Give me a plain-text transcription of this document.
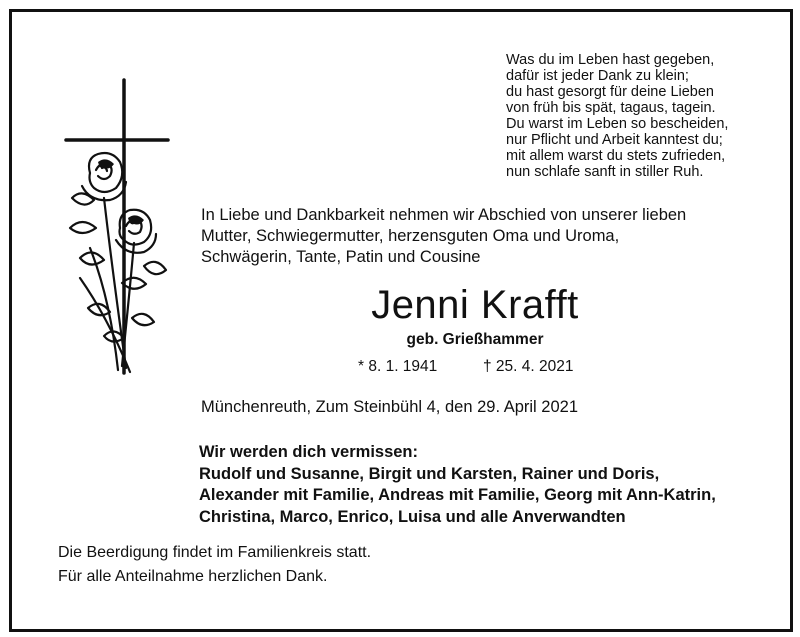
Was du im Leben hast gegeben,
dafür ist jeder Dank zu klein;
du hast gesorgt für deine Lieben
von früh bis spät, tagaus, tagein.
Du warst im Leben so bescheiden,
nur Pflicht und Arbeit kanntest du;
mit allem warst du stets zufrieden,
nun schlafe sanft in stiller Ruh.
In Liebe und Dankbarkeit nehmen wir Abschied von unserer lieben
Mutter, Schwiegermutter, herzensguten Oma und Uroma,
Schwägerin, Tante, Patin und Cousine
Jenni Krafft
geb. Grießhammer
* 8. 1. 1941	† 25. 4. 2021
Münchenreuth, Zum Steinbühl 4, den 29. April 2021
Wir werden dich vermissen:
Rudolf und Susanne, Birgit und Karsten, Rainer und Doris,
Alexander mit Familie, Andreas mit Familie, Georg mit Ann-Katrin,
Christina, Marco, Enrico, Luisa und alle Anverwandten
Die Beerdigung findet im Familienkreis statt.
Für alle Anteilnahme herzlichen Dank.
